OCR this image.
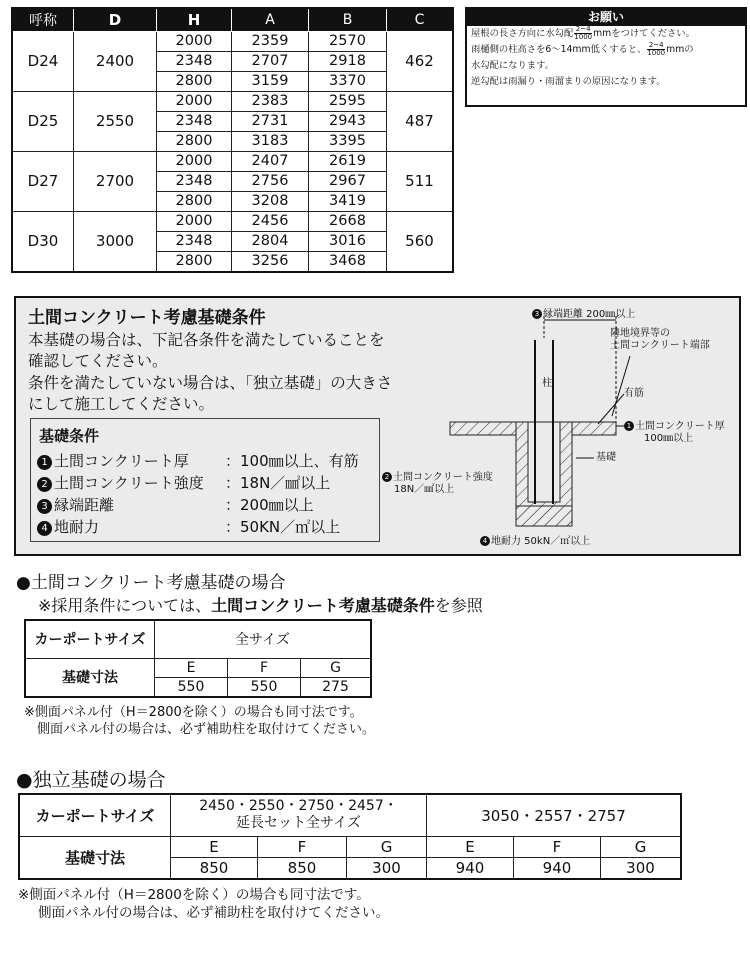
呼称	D	H	A	B	C
D24	2400	2000	2359	2570	462
		2348	2707	2918	
		2800	3159	3370	
D25	2550	2000	2383	2595	487
		2348	2731	2943	
		2800	3183	3395	
D27	2700	2000	2407	2619	511
		2348	2756	2967	
		2800	3208	3419	
D30	3000	2000	2456	2668	560
		2348	2804	3016	
		2800	3256	3468	
お願い
屋根の長さ方向に水勾配 $\frac{2\sim 4}{1000}$ mmをつけてください。
雨樋側の柱高さを6～14mm低くすると、 $\frac{2\sim 4}{1000}$ mmの
水勾配になります。
逆勾配は雨漏り・雨溜まりの原因になります。
土間コンクリート考慮基礎条件
本基礎の場合は、下記各条件を満たしていることを
確認してください。
条件を満たしていない場合は、「独立基礎」の大きさ
にして施工してください。
基礎条件
1 土間コンクリート厚 ：100㎜以上、有筋
2 土間コンクリート強度 ：18N／㎟以上
3 縁端距離	：200㎜以上
4 地耐力	：50KN／㎡以上
3 縁端距離 200㎜以上
隣地境界等の
土間コンクリート端部
柱
有筋
1 土間コンクリート厚
100㎜以上
基礎
2 土間コンクリート強度
18N／㎟以上
4 地耐力 50kN／㎡以上
●土間コンクリート考慮基礎の場合
※採用条件については、土間コンクリート考慮基礎条件を参照
カーポートサイズ	全サイズ		
基礎寸法	E	F	G
	550	550	275
※側面パネル付（H＝2800を除く）の場合も同寸法です。
側面パネル付の場合は、必ず補助柱を取付けてください。
●独立基礎の場合
カーポートサイズ	2450・2550・2750・2457・
延長セット全サイズ			3050・2557・2757		
基礎寸法	E	F	G	E	F	G
	850	850	300	940	940	300
※側面パネル付（H＝2800を除く）の場合も同寸法です。
側面パネル付の場合は、必ず補助柱を取付けてください。
